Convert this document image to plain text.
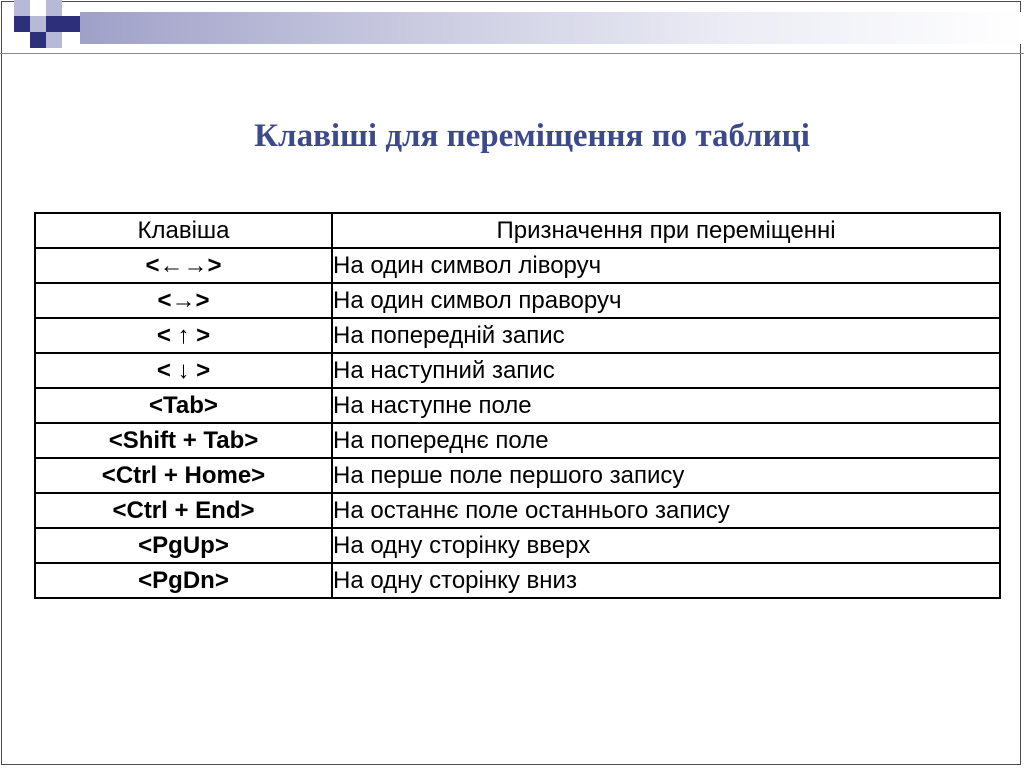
Клавіші для переміщення по таблиці
Клавіша	Призначення при переміщенні
<←→>	На один символ ліворуч
<→>	На один символ праворуч
< ↑ >	На попередній запис
< ↓ >	На наступний запис
<Tab>	На наступне поле
<Shift + Tab>	На попереднє поле
<Ctrl + Home>	На перше поле першого запису
<Ctrl + End>	На останнє поле останнього запису
<PgUp>	На одну сторінку вверх
<PgDn>	На одну сторінку вниз
